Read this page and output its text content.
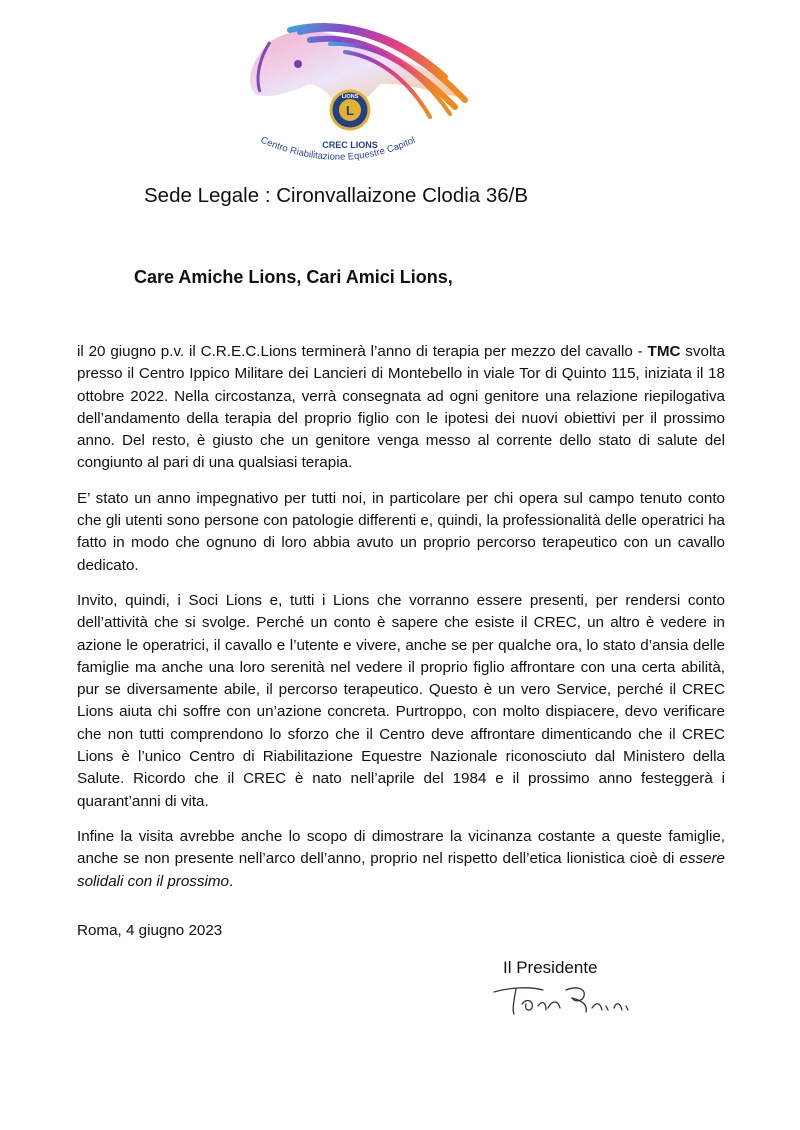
L
LIONS
CREC LIONS
Centro Riabilitazione Equestre Capitol
Sede Legale : Cironvallaizone Clodia 36/B
Care Amiche Lions, Cari Amici Lions,

il 20 giugno p.v. il C.R.E.C.Lions terminerà l’anno di terapia per mezzo del cavallo - TMC svolta presso il Centro Ippico Militare dei Lancieri di Montebello in viale Tor di Quinto 115, iniziata il 18 ottobre 2022. Nella circostanza, verrà consegnata ad ogni genitore una relazione riepilogativa dell’andamento della terapia del proprio figlio con le ipotesi dei nuovi obiettivi per il prossimo anno. Del resto, è giusto che un genitore venga messo al corrente dello stato di salute del congiunto al pari di una qualsiasi terapia.

E’ stato un anno impegnativo per tutti noi, in particolare per chi opera sul campo tenuto conto che gli utenti sono persone con patologie differenti e, quindi, la professionalità delle operatrici ha fatto in modo che ognuno di loro abbia avuto un proprio percorso terapeutico con un cavallo dedicato.

Invito, quindi, i Soci Lions e, tutti i Lions che vorranno essere presenti, per rendersi conto dell’attività che si svolge. Perché un conto è sapere che esiste il CREC, un altro è vedere in azione le operatrici, il cavallo e l’utente e vivere, anche se per qualche ora, lo stato d’ansia delle famiglie ma anche una loro serenità nel vedere il proprio figlio affrontare con una certa abilità, pur se diversamente abile, il percorso terapeutico. Questo è un vero Service, perché il CREC Lions aiuta chi soffre con un’azione concreta. Purtroppo, con molto dispiacere, devo verificare che non tutti comprendono lo sforzo che il Centro deve affrontare dimenticando che il CREC Lions è l’unico Centro di Riabilitazione Equestre Nazionale riconosciuto dal Ministero della Salute. Ricordo che il CREC è nato nell’aprile del 1984 e il prossimo anno festeggerà i quarant’anni di vita.

Infine la visita avrebbe anche lo scopo di dimostrare la vicinanza costante a queste famiglie, anche se non presente nell’arco dell’anno, proprio nel rispetto dell’etica lionistica cioè di essere solidali con il prossimo.

Roma, 4 giugno 2023
Il Presidente
